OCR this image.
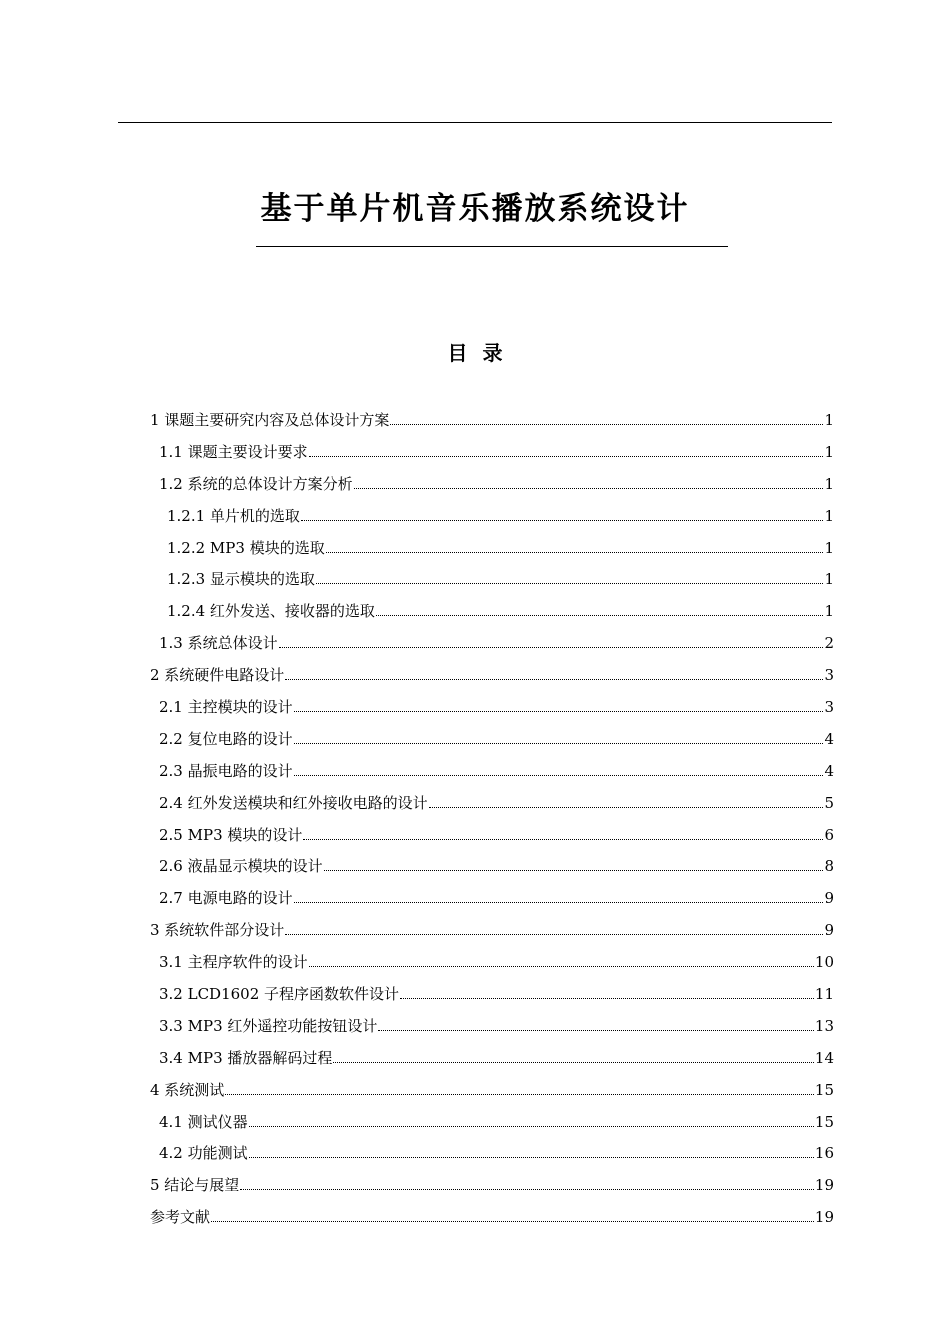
基于单片机音乐播放系统设计
目 录
1 课题主要研究内容及总体设计方案	1
1.1 课题主要设计要求	1
1.2 系统的总体设计方案分析	1
1.2.1 单片机的选取	1
1.2.2 MP3 模块的选取	1
1.2.3 显示模块的选取	1
1.2.4 红外发送、接收器的选取	1
1.3 系统总体设计	2
2 系统硬件电路设计	3
2.1 主控模块的设计	3
2.2 复位电路的设计	4
2.3 晶振电路的设计	4
2.4 红外发送模块和红外接收电路的设计	5
2.5 MP3 模块的设计	6
2.6 液晶显示模块的设计	8
2.7 电源电路的设计	9
3 系统软件部分设计	9
3.1 主程序软件的设计	10
3.2 LCD1602 子程序函数软件设计	11
3.3 MP3 红外遥控功能按钮设计	13
3.4 MP3 播放器解码过程	14
4 系统测试	15
4.1 测试仪器	15
4.2 功能测试	16
5 结论与展望	19
参考文献	19
